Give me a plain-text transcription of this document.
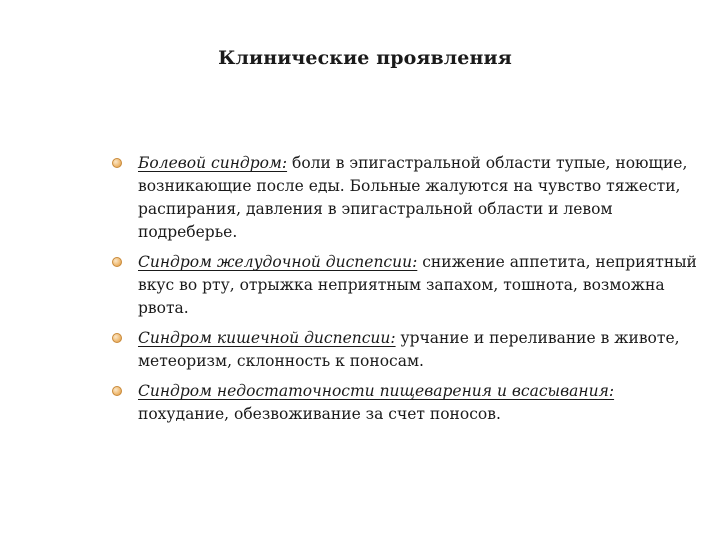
Клинические проявления
Болевой синдром: боли в эпигастральной области тупые, ноющие, возникающие после еды. Больные жалуются на чувство тяжести, распирания, давления в эпигастральной области и левом подреберье.
Синдром желудочной диспепсии: снижение аппетита, неприятный вкус во рту, отрыжка неприятным запахом, тошнота, возможна рвота.
Синдром кишечной диспепсии: урчание и переливание в животе, метеоризм, склонность к поносам.
Синдром недостаточности пищеварения и всасывания: похудание, обезвоживание за счет поносов.
